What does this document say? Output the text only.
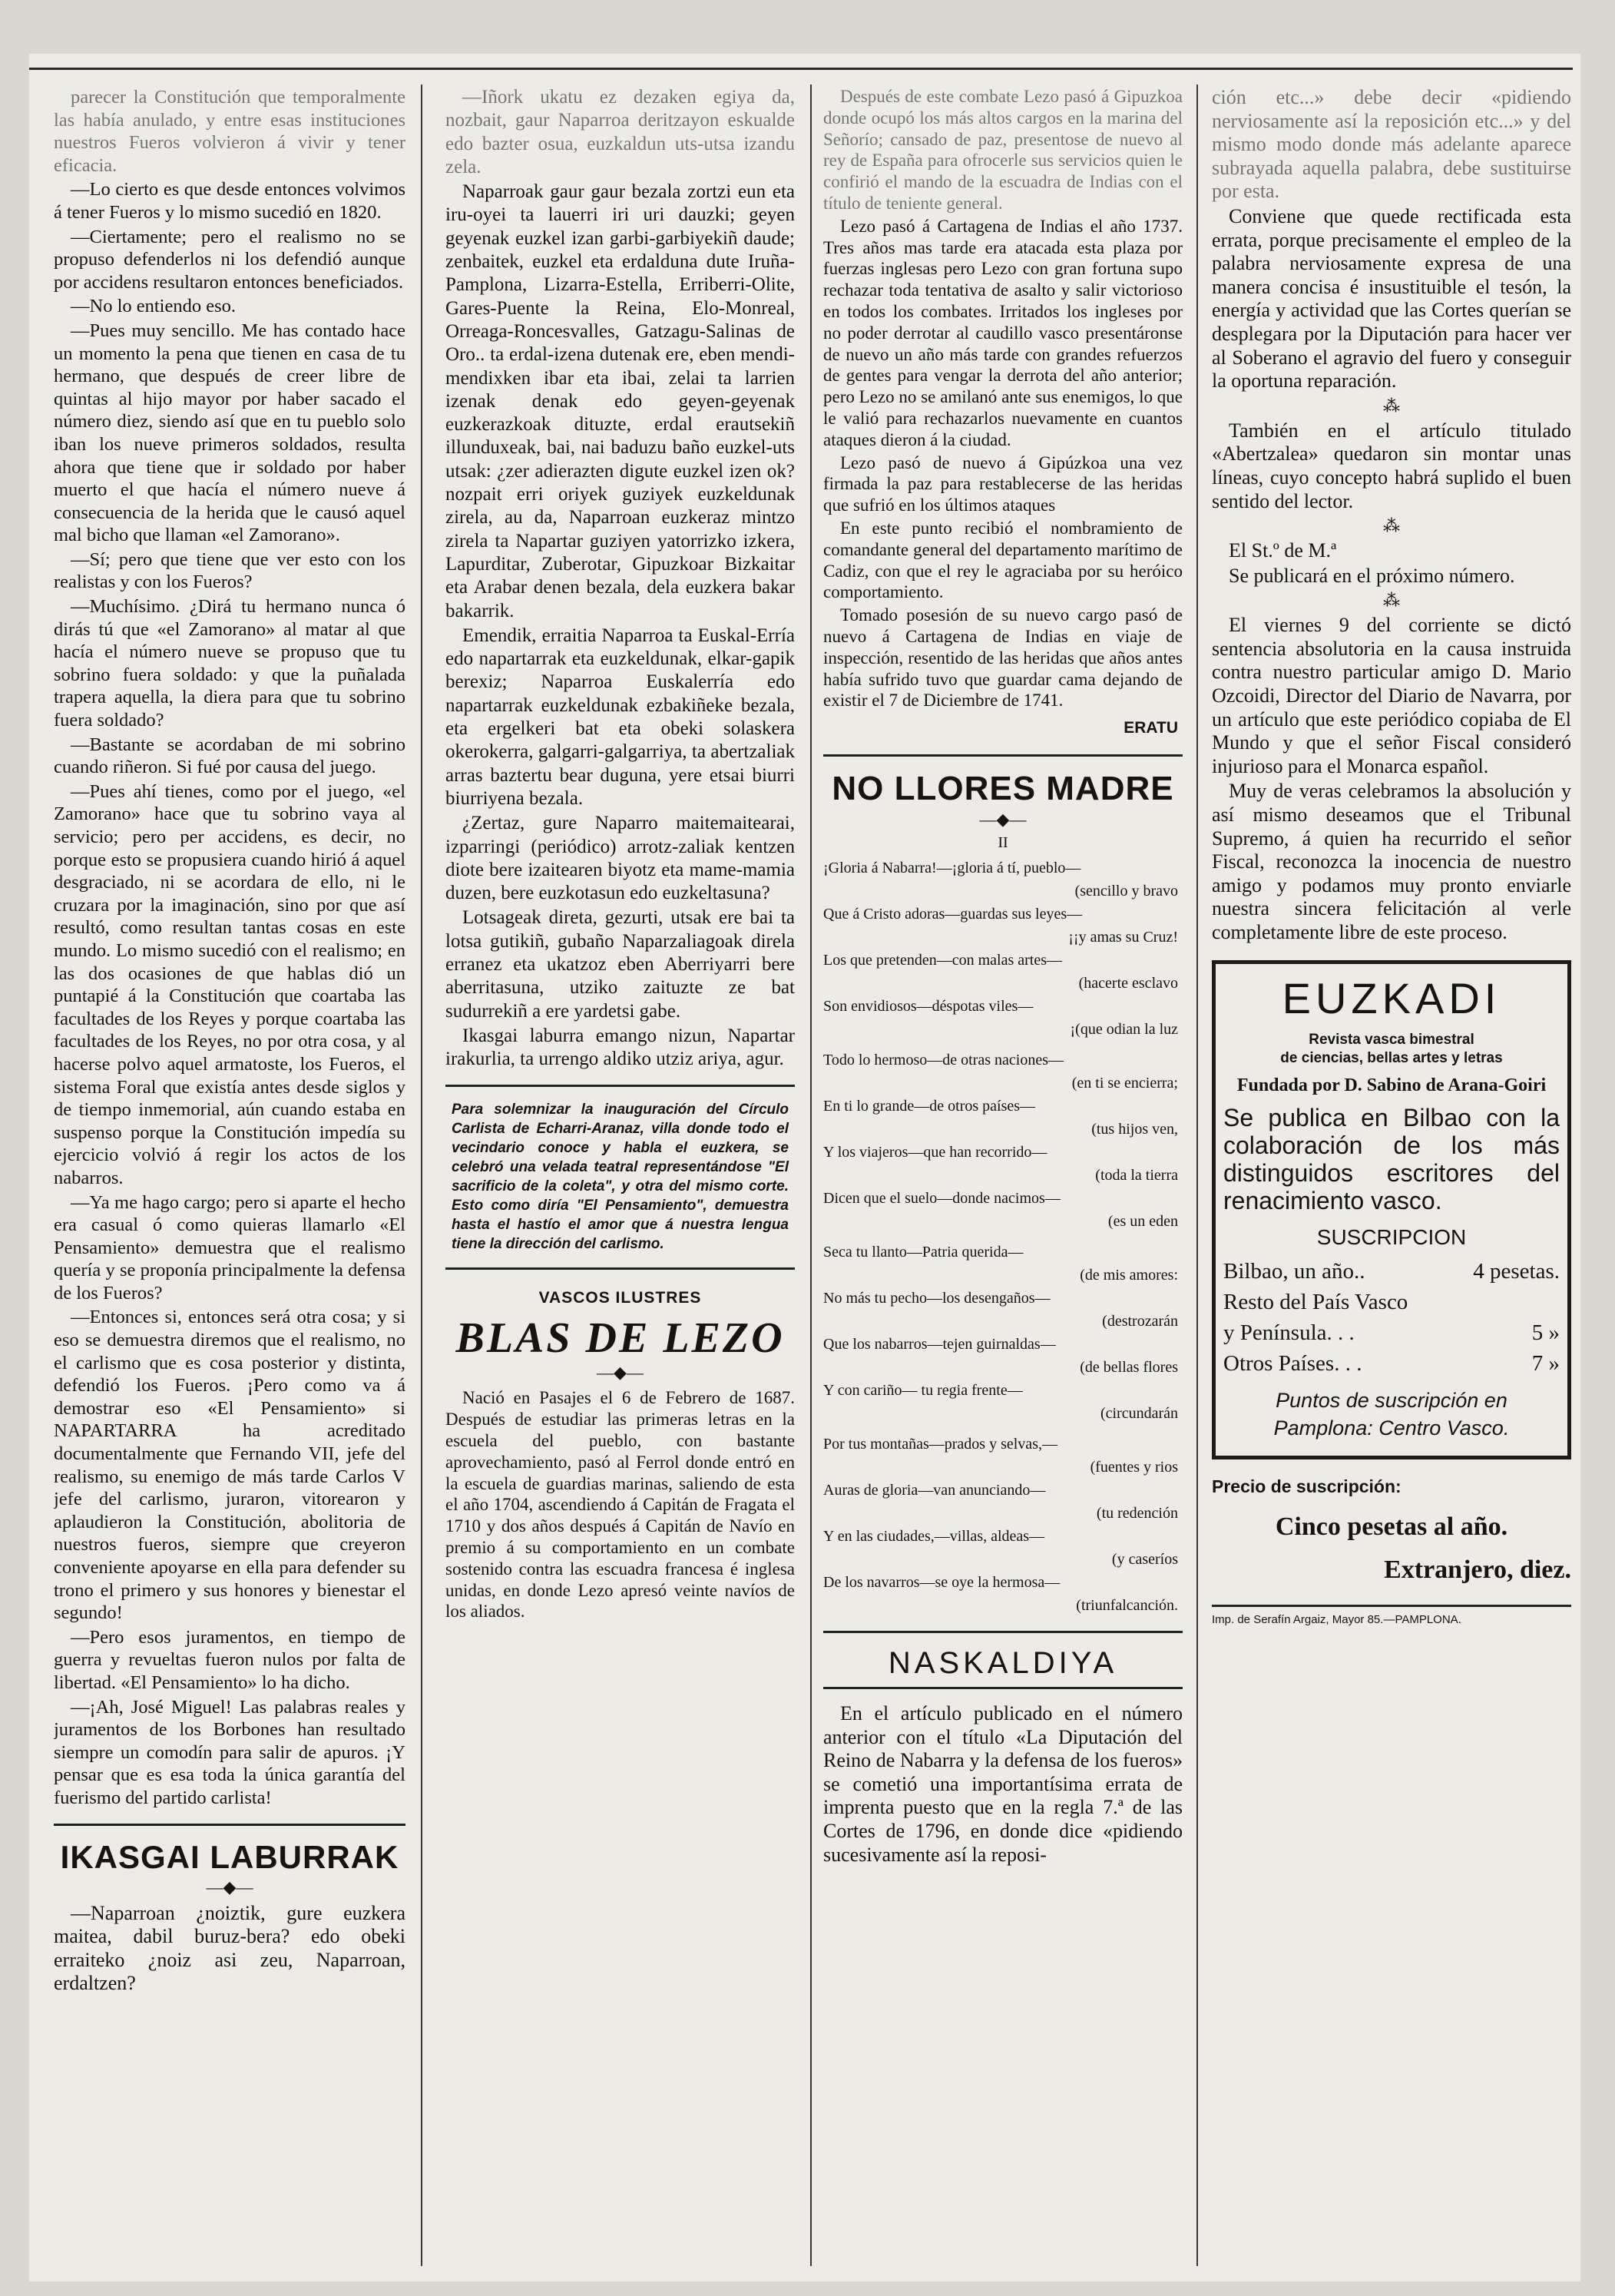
parecer la Constitución que temporalmente las había anulado, y entre esas instituciones nuestros Fueros volvieron á vivir y tener eficacia.

—Lo cierto es que desde entonces volvimos á tener Fueros y lo mismo sucedió en 1820.

—Ciertamente; pero el realismo no se propuso defenderlos ni los defendió aunque por accidens resultaron entonces beneficiados.

—No lo entiendo eso.

—Pues muy sencillo. Me has contado hace un momento la pena que tienen en casa de tu hermano, que después de creer libre de quintas al hijo mayor por haber sacado el número diez, siendo así que en tu pueblo solo iban los nueve primeros soldados, resulta ahora que tiene que ir soldado por haber muerto el que hacía el número nueve á consecuencia de la herida que le causó aquel mal bicho que llaman «el Zamorano».

—Sí; pero que tiene que ver esto con los realistas y con los Fueros?

—Muchísimo. ¿Dirá tu hermano nunca ó dirás tú que «el Zamorano» al matar al que hacía el número nueve se propuso que tu sobrino fuera soldado: y que la puñalada trapera aquella, la diera para que tu sobrino fuera soldado?

—Bastante se acordaban de mi sobrino cuando riñeron. Si fué por causa del juego.

—Pues ahí tienes, como por el juego, «el Zamorano» hace que tu sobrino vaya al servicio; pero per accidens, es decir, no porque esto se propusiera cuando hirió á aquel desgraciado, ni se acordara de ello, ni le cruzara por la imaginación, sino por que así resultó, como resultan tantas cosas en este mundo. Lo mismo sucedió con el realismo; en las dos ocasiones de que hablas dió un puntapié á la Constitución que coartaba las facultades de los Reyes y porque coartaba las facultades de los Reyes, no por otra cosa, y al hacerse polvo aquel armatoste, los Fueros, el sistema Foral que existía antes desde siglos y de tiempo inmemorial, aún cuando estaba en suspenso porque la Constitución impedía su ejercicio volvió á regir los actos de los nabarros.

—Ya me hago cargo; pero si aparte el hecho era casual ó como quieras llamarlo «El Pensamiento» demuestra que el realismo quería y se proponía principalmente la defensa de los Fueros?

—Entonces si, entonces será otra cosa; y si eso se demuestra diremos que el realismo, no el carlismo que es cosa posterior y distinta, defendió los Fueros. ¡Pero como va á demostrar eso «El Pensamiento» si NAPARTARRA ha acreditado documentalmente que Fernando VII, jefe del realismo, su enemigo de más tarde Carlos V jefe del carlismo, juraron, vitorearon y aplaudieron la Constitución, abolitoria de nuestros fueros, siempre que creyeron conveniente apoyarse en ella para defender su trono el primero y sus honores y bienestar el segundo!

—Pero esos juramentos, en tiempo de guerra y revueltas fueron nulos por falta de libertad. «El Pensamiento» lo ha dicho.

—¡Ah, José Miguel! Las palabras reales y juramentos de los Borbones han resultado siempre un comodín para salir de apuros. ¡Y pensar que es esa toda la única garantía del fuerismo del partido carlista!

IKASGAI LABURRAK
—◆—

—Naparroan ¿noiztik, gure euzkera maitea, dabil buruz-bera? edo obeki erraiteko ¿noiz asi zeu, Naparroan, erdaltzen?

—Iñork ukatu ez dezaken egiya da, nozbait, gaur Naparroa deritzayon eskualde edo bazter osua, euzkaldun uts-utsa izandu zela.

Naparroak gaur gaur bezala zortzi eun eta iru-oyei ta lauerri iri uri dauzki; geyen geyenak euzkel izan garbi-garbiyekiñ daude; zenbaitek, euzkel eta erdalduna dute Iruña-Pamplona, Lizarra-Estella, Erriberri-Olite, Gares-Puente la Reina, Elo-Monreal, Orreaga-Roncesvalles, Gatzagu-Salinas de Oro.. ta erdal-izena dutenak ere, eben mendi-mendixken ibar eta ibai, zelai ta larrien izenak denak edo geyen-geyenak euzkerazkoak dituzte, erdal erautsekiñ illunduxeak, bai, nai baduzu baño euzkel-uts utsak: ¿zer adierazten digute euzkel izen ok? nozpait erri oriyek guziyek euzkeldunak zirela, au da, Naparroan euzkeraz mintzo zirela ta Napartar guziyen yatorrizko izkera, Lapurditar, Zuberotar, Gipuzkoar Bizkaitar eta Arabar denen bezala, dela euzkera bakar bakarrik.

Emendik, erraitia Naparroa ta Euskal-Erría edo napartarrak eta euzkeldunak, elkar-gapik berexiz; Naparroa Euskalerría edo napartarrak euzkeldunak ezbakiñeke bezala, eta ergelkeri bat eta obeki solaskera okerokerra, galgarri-galgarriya, ta abertzaliak arras baztertu bear duguna, yere etsai biurri biurriyena bezala.

¿Zertaz, gure Naparro maitemaitearai, izparringi (periódico) arrotz-zaliak kentzen diote bere izaitearen biyotz eta mame-mamia duzen, bere euzkotasun edo euzkeltasuna?

Lotsageak direta, gezurti, utsak ere bai ta lotsa gutikiñ, gubaño Naparzaliagoak direla erranez eta ukatzoz eben Aberriyarri bere aberritasuna, utziko zaituzte ze bat sudurrekiñ a ere yardetsi gabe.

Ikasgai laburra emango nizun, Napartar irakurlia, ta urrengo aldiko utziz ariya, agur.

Para solemnizar la inauguración del Círculo Carlista de Echarri-Aranaz, villa donde todo el vecindario conoce y habla el euzkera, se celebró una velada teatral representándose "El sacrificio de la coleta", y otra del mismo corte. Esto como diría "El Pensamiento", demuestra hasta el hastío el amor que á nuestra lengua tiene la dirección del carlismo.

VASCOS ILUSTRES
BLAS DE LEZO
—◆—

Nació en Pasajes el 6 de Febrero de 1687. Después de estudiar las primeras letras en la escuela del pueblo, con bastante aprovechamiento, pasó al Ferrol donde entró en la escuela de guardias marinas, saliendo de esta el año 1704, ascendiendo á Capitán de Fragata el 1710 y dos años después á Capitán de Navío en premio á su comportamiento en un combate sostenido contra las escuadra francesa é inglesa unidas, en donde Lezo apresó veinte navíos de los aliados.

Después de este combate Lezo pasó á Gipuzkoa donde ocupó los más altos cargos en la marina del Señorío; cansado de paz, presentose de nuevo al rey de España para ofrocerle sus servicios quien le confirió el mando de la escuadra de Indias con el título de teniente general.

Lezo pasó á Cartagena de Indias el año 1737. Tres años mas tarde era atacada esta plaza por fuerzas inglesas pero Lezo con gran fortuna supo rechazar toda tentativa de asalto y salir victorioso en todos los combates. Irritados los ingleses por no poder derrotar al caudillo vasco presentáronse de nuevo un año más tarde con grandes refuerzos de gentes para vengar la derrota del año anterior; pero Lezo no se amilanó ante sus enemigos, lo que le valió para rechazarlos nuevamente en cuantos ataques dieron á la ciudad.

Lezo pasó de nuevo á Gipúzkoa una vez firmada la paz para restablecerse de las heridas que sufrió en los últimos ataques

En este punto recibió el nombramiento de comandante general del departamento marítimo de Cadiz, con que el rey le agraciaba por su heróico comportamiento.

Tomado posesión de su nuevo cargo pasó de nuevo á Cartagena de Indias en viaje de inspección, resentido de las heridas que años antes había sufrido tuvo que guardar cama dejando de existir el 7 de Diciembre de 1741.

ERATU
NO LLORES MADRE
—◆—
II
¡Gloria á Nabarra!—¡gloria á tí, pueblo—
(sencillo y bravo
Que á Cristo adoras—guardas sus leyes—
¡¡y amas su Cruz!
Los que pretenden—con malas artes—
(hacerte esclavo
Son envidiosos—déspotas viles—
¡(que odian la luz
Todo lo hermoso—de otras naciones—
(en ti se encierra;
En ti lo grande—de otros países—
(tus hijos ven,
Y los viajeros—que han recorrido—
(toda la tierra
Dicen que el suelo—donde nacimos—
(es un eden
Seca tu llanto—Patria querida—
(de mis amores:
No más tu pecho—los desengaños—
(destrozarán
Que los nabarros—tejen guirnaldas—
(de bellas flores
Y con cariño— tu regia frente—
(circundarán
Por tus montañas—prados y selvas,—
(fuentes y rios
Auras de gloria—van anunciando—
(tu redención
Y en las ciudades,—villas, aldeas—
(y caseríos
De los navarros—se oye la hermosa—
(triunfalcanción.
NASKALDIYA

En el artículo publicado en el número anterior con el título «La Diputación del Reino de Nabarra y la defensa de los fueros» se cometió una importantísima errata de imprenta puesto que en la regla 7.ª de las Cortes de 1796, en donde dice «pidiendo sucesivamente así la reposi-

ción etc...» debe decir «pidiendo nerviosamente así la reposición etc...» y del mismo modo donde más adelante aparece subrayada aquella palabra, debe sustituirse por esta.

Conviene que quede rectificada esta errata, porque precisamente el empleo de la palabra nerviosamente expresa de una manera concisa é insustituible el tesón, la energía y actividad que las Cortes querían se desplegara por la Diputación para hacer ver al Soberano el agravio del fuero y conseguir la oportuna reparación.

⁂

También en el artículo titulado «Abertzalea» quedaron sin montar unas líneas, cuyo concepto habrá suplido el buen sentido del lector.

⁂

El St.º de M.ª

Se publicará en el próximo número.

⁂

El viernes 9 del corriente se dictó sentencia absolutoria en la causa instruida contra nuestro particular amigo D. Mario Ozcoidi, Director del Diario de Navarra, por un artículo que este periódico copiaba de El Mundo y que el señor Fiscal consideró injurioso para el Monarca español.

Muy de veras celebramos la absolución y así mismo deseamos que el Tribunal Supremo, á quien ha recurrido el señor Fiscal, reconozca la inocencia de nuestro amigo y podamos muy pronto enviarle nuestra sincera felicitación al verle completamente libre de este proceso.

EUZKADI
Revista vasca bimestral
de ciencias, bellas artes y letras
Fundada por D. Sabino de Arana-Goiri
Se publica en Bilbao con la colaboración de los más distinguidos escritores del renacimiento vasco.
SUSCRIPCION
Bilbao, un año..	4 pesetas.
Resto del País Vasco
y Península. . .	5 »
Otros Países. . .	7 »
Puntos de suscripción en Pamplona: Centro Vasco.
Precio de suscripción:
Cinco pesetas al año.
Extranjero, diez.
Imp. de Serafín Argaiz, Mayor 85.—PAMPLONA.
